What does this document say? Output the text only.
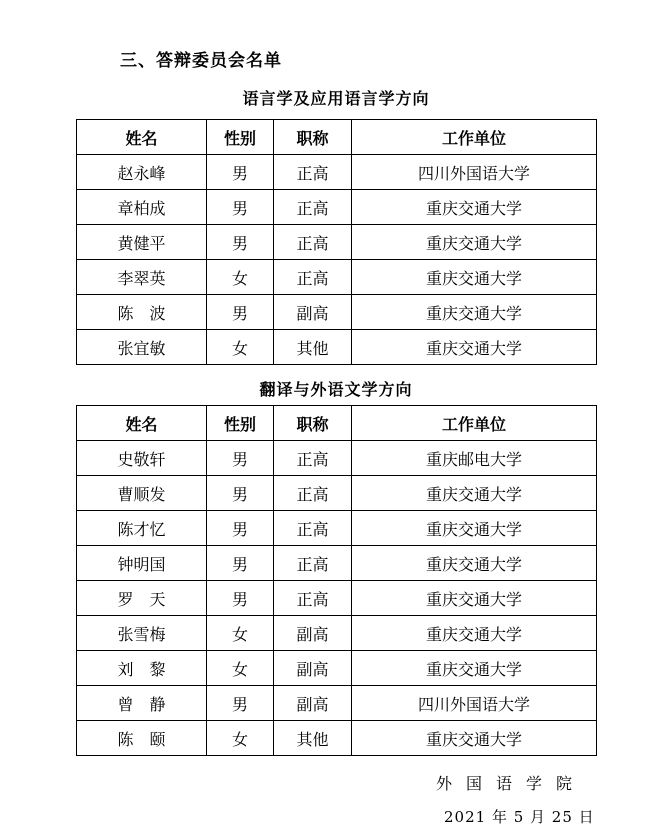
三、答辩委员会名单
语言学及应用语言学方向
姓名	性别	职称	工作单位
赵永峰	男	正高	四川外国语大学
章柏成	男	正高	重庆交通大学
黄健平	男	正高	重庆交通大学
李翠英	女	正高	重庆交通大学
陈　波	男	副高	重庆交通大学
张宜敏	女	其他	重庆交通大学
翻译与外语文学方向
姓名	性别	职称	工作单位
史敬轩	男	正高	重庆邮电大学
曹顺发	男	正高	重庆交通大学
陈才忆	男	正高	重庆交通大学
钟明国	男	正高	重庆交通大学
罗　天	男	正高	重庆交通大学
张雪梅	女	副高	重庆交通大学
刘　黎	女	副高	重庆交通大学
曾　静	男	副高	四川外国语大学
陈　颐	女	其他	重庆交通大学
外国语学院
2021 年 5 月 25 日
